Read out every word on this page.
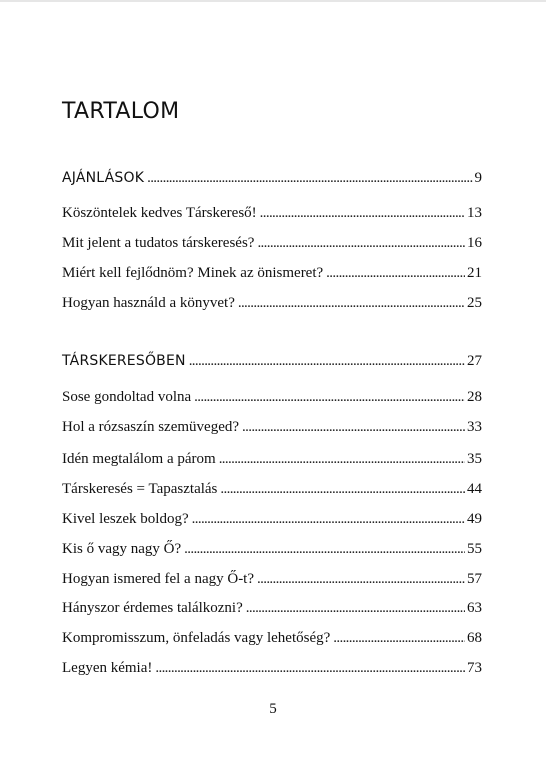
TARTALOM
AJÁNLÁSOK . . .	9
Köszöntelek kedves Társkereső! . . .	13
Mit jelent a tudatos társkeresés? . . .	16
Miért kell fejlődnöm? Minek az önismeret? . . .	21
Hogyan használd a könyvet? . . .	25
TÁRSKERESŐBEN . . .	27
Sose gondoltad volna . . .	28
Hol a rózsaszín szemüveged? . . .	33
Idén megtalálom a párom . . .	35
Társkeresés = Tapasztalás . . .	44
Kivel leszek boldog? . . .	49
Kis ő vagy nagy Ő? . . .	55
Hogyan ismered fel a nagy Ő-t? . . .	57
Hányszor érdemes találkozni? . . .	63
Kompromisszum, önfeladás vagy lehetőség? . . .	68
Legyen kémia! . . .	73
5
